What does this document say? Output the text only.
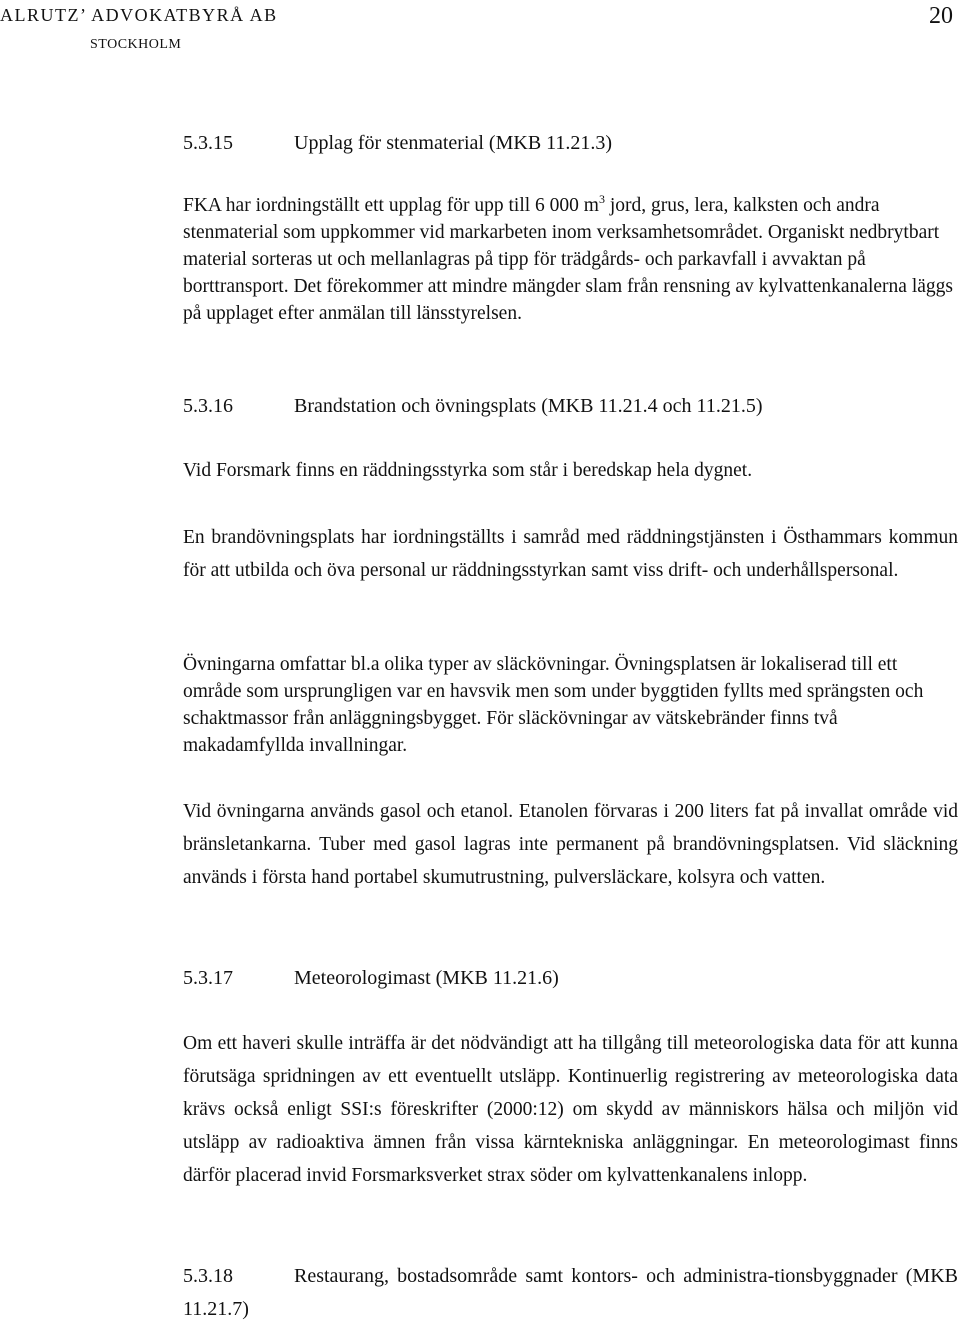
ALRUTZ’ ADVOKATBYRÅ AB
STOCKHOLM
20
5.3.15	Upplag för stenmaterial (MKB 11.21.3)

FKA har iordningställt ett upplag för upp till 6 000 $m^3$ jord, grus, lera, kalksten och andra stenmaterial som uppkommer vid markarbeten inom verksamhetsområdet. Organiskt nedbrytbart material sorteras ut och mellanlagras på tipp för trädgårds- och parkavfall i avvaktan på borttransport. Det förekommer att mindre mängder slam från rensning av kylvattenkanalerna läggs på upplaget efter anmälan till länsstyrelsen.

5.3.16	Brandstation och övningsplats (MKB 11.21.4 och 11.21.5)

Vid Forsmark finns en räddningsstyrka som står i beredskap hela dygnet.

En brandövningsplats har iordningställts i samråd med räddningstjänsten i Östhammars kommun för att utbilda och öva personal ur räddningsstyrkan samt viss drift- och underhållspersonal.

Övningarna omfattar bl.a olika typer av släckövningar. Övningsplatsen är lokaliserad till ett område som ursprungligen var en havsvik men som under byggtiden fyllts med sprängsten och schaktmassor från anläggningsbygget. För släckövningar av vätskebränder finns två makadamfyllda invallningar.

Vid övningarna används gasol och etanol. Etanolen förvaras i 200 liters fat på invallat område vid bränsletankarna. Tuber med gasol lagras inte permanent på brandövningsplatsen. Vid släckning används i första hand portabel skumutrustning, pulversläckare, kolsyra och vatten.

5.3.17	Meteorologimast (MKB 11.21.6)

Om ett haveri skulle inträffa är det nödvändigt att ha tillgång till meteorologiska data för att kunna förutsäga spridningen av ett eventuellt utsläpp. Kontinuerlig registrering av meteorologiska data krävs också enligt SSI:s föreskrifter (2000:12) om skydd av människors hälsa och miljön vid utsläpp av radioaktiva ämnen från vissa kärntekniska anläggningar. En meteorologimast finns därför placerad invid Forsmarksverket strax söder om kylvattenkanalens inlopp.

5.3.18	Restaurang, bostadsområde samt kontors- och administra-tionsbyggnader (MKB 11.21.7)
